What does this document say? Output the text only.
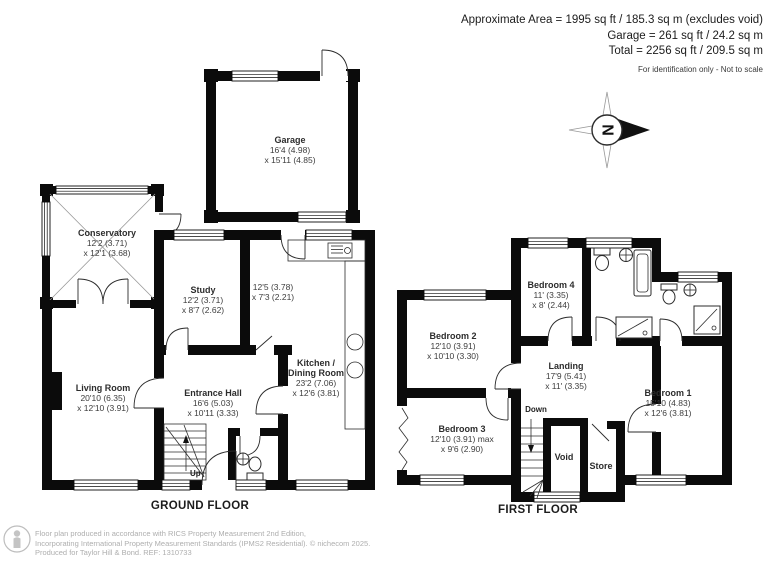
N
Approximate Area = 1995 sq ft / 185.3 sq m (excludes void)
Garage = 261 sq ft / 24.2 sq m
Total = 2256 sq ft / 209.5 sq m
For identification only - Not to scale
Garage
16'4 (4.98)
x 15'11 (4.85)
Conservatory
12'2 (3.71)
x 12'1 (3.68)
Study
12'2 (3.71)
x 8'7 (2.62)
12'5 (3.78)
x 7'3 (2.21)
Kitchen /
Dining Room
23'2 (7.06)
x 12'6 (3.81)
Living Room
20'10 (6.35)
x 12'10 (3.91)
Entrance Hall
16'6 (5.03)
x 10'11 (3.33)
Up
GROUND FLOOR
Bedroom 4
11' (3.35)
x 8' (2.44)
Bedroom 2
12'10 (3.91)
x 10'10 (3.30)
Landing
17'9 (5.41)
x 11' (3.35)
Bedroom 1
15'10 (4.83)
x 12'6 (3.81)
Bedroom 3
12'10 (3.91) max
x 9'6 (2.90)
Down
Void
Store
FIRST FLOOR
Floor plan produced in accordance with RICS Property Measurement 2nd Edition,
Incorporating International Property Measurement Standards (IPMS2 Residential). © nichecom 2025.
Produced for Taylor Hill & Bond. REF: 1310733
